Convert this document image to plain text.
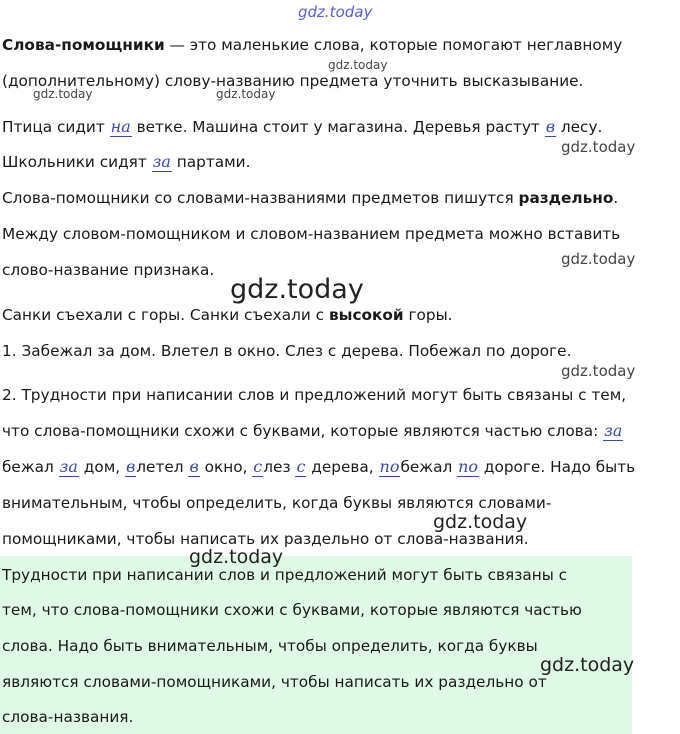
gdz.today
gdz.today
gdz.today	gdz.today
gdz.today
gdz.today
gdz.today
gdz.today
gdz.today
gdz.today
gdz.today
Слова-помощники — это маленькие слова, которые помогают неглавному
(дополнительному) слову-названию предмета уточнить высказывание.
Птица сидит на ветке. Машина стоит у магазина. Деревья растут в лесу.
Школьники сидят за партами.
Слова-помощники со словами-названиями предметов пишутся раздельно.
Между словом-помощником и словом-названием предмета можно вставить
слово-название признака.
Санки съехали с горы. Санки съехали с высокой горы.
1. Забежал за дом. Влетел в окно. Слез с дерева. Побежал по дороге.
2. Трудности при написании слов и предложений могут быть связаны с тем,
что слова-помощники схожи с буквами, которые являются частью слова: за
бежал за дом, влетел в окно, слез с дерева, побежал по дороге. Надо быть
внимательным, чтобы определить, когда буквы являются словами-
помощниками, чтобы написать их раздельно от слова-названия.
Трудности при написании слов и предложений могут быть связаны с
тем, что слова-помощники схожи с буквами, которые являются частью
слова. Надо быть внимательным, чтобы определить, когда буквы
являются словами-помощниками, чтобы написать их раздельно от
слова-названия.
